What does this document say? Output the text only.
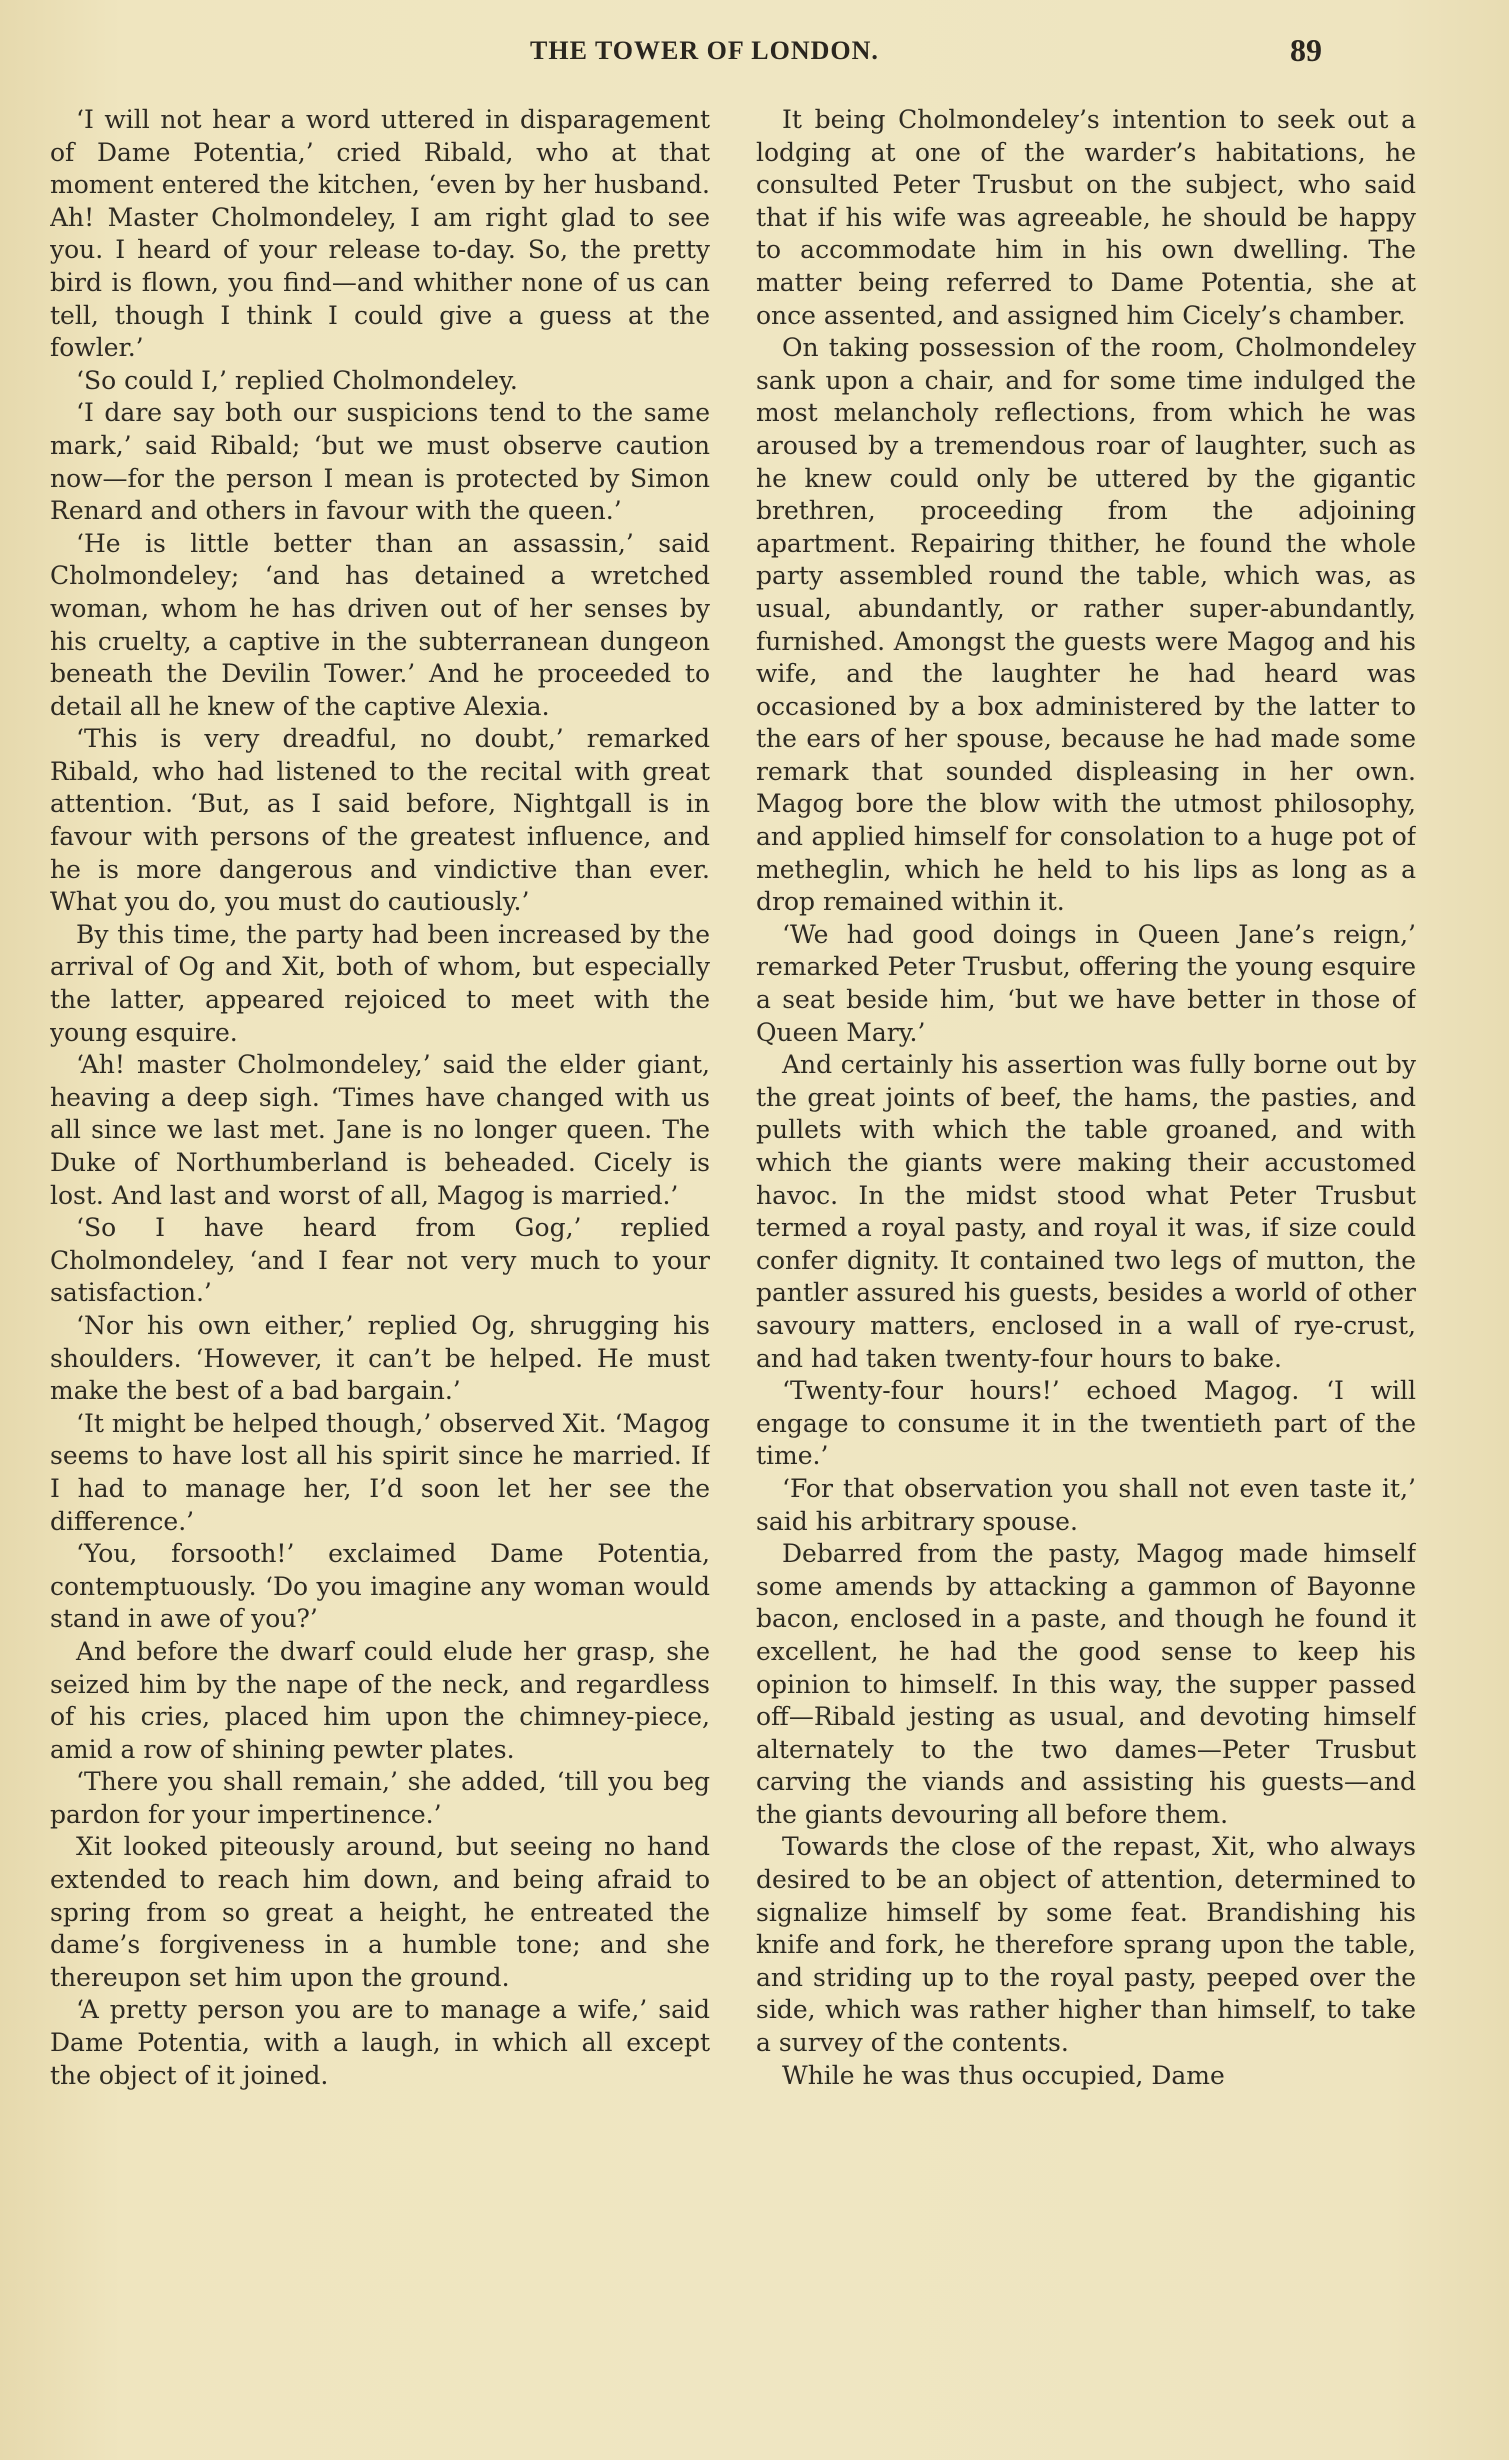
THE TOWER OF LONDON.	89

‘I will not hear a word uttered in disparagement of Dame Potentia,’ cried Ribald, who at that moment entered the kitchen, ‘even by her husband. Ah! Master Cholmondeley, I am right glad to see you. I heard of your release to-day. So, the pretty bird is flown, you find—and whither none of us can tell, though I think I could give a guess at the fowler.’

‘So could I,’ replied Cholmondeley.

‘I dare say both our suspicions tend to the same mark,’ said Ribald; ‘but we must observe caution now—for the person I mean is protected by Simon Renard and others in favour with the queen.’

‘He is little better than an assassin,’ said Cholmondeley; ‘and has detained a wretched woman, whom he has driven out of her senses by his cruelty, a captive in the subterranean dungeon beneath the Devilin Tower.’ And he proceeded to detail all he knew of the captive Alexia.

‘This is very dreadful, no doubt,’ remarked Ribald, who had listened to the recital with great attention. ‘But, as I said before, Nightgall is in favour with persons of the greatest influence, and he is more dangerous and vindictive than ever. What you do, you must do cautiously.’

By this time, the party had been increased by the arrival of Og and Xit, both of whom, but especially the latter, appeared rejoiced to meet with the young esquire.

‘Ah! master Cholmondeley,’ said the elder giant, heaving a deep sigh. ‘Times have changed with us all since we last met. Jane is no longer queen. The Duke of Northumberland is beheaded. Cicely is lost. And last and worst of all, Magog is married.’

‘So I have heard from Gog,’ replied Cholmondeley, ‘and I fear not very much to your satisfaction.’

‘Nor his own either,’ replied Og, shrugging his shoulders. ‘However, it can’t be helped. He must make the best of a bad bargain.’

‘It might be helped though,’ observed Xit. ‘Magog seems to have lost all his spirit since he married. If I had to manage her, I’d soon let her see the difference.’

‘You, forsooth!’ exclaimed Dame Potentia, contemptuously. ‘Do you imagine any woman would stand in awe of you?’

And before the dwarf could elude her grasp, she seized him by the nape of the neck, and regardless of his cries, placed him upon the chimney-piece, amid a row of shining pewter plates.

‘There you shall remain,’ she added, ‘till you beg pardon for your impertinence.’

Xit looked piteously around, but seeing no hand extended to reach him down, and being afraid to spring from so great a height, he entreated the dame’s forgiveness in a humble tone; and she thereupon set him upon the ground.

‘A pretty person you are to manage a wife,’ said Dame Potentia, with a laugh, in which all except the object of it joined.

It being Cholmondeley’s intention to seek out a lodging at one of the warder’s habitations, he consulted Peter Trusbut on the subject, who said that if his wife was agreeable, he should be happy to accommodate him in his own dwelling. The matter being referred to Dame Potentia, she at once assented, and assigned him Cicely’s chamber.

On taking possession of the room, Cholmondeley sank upon a chair, and for some time indulged the most melancholy reflections, from which he was aroused by a tremendous roar of laughter, such as he knew could only be uttered by the gigantic brethren, proceeding from the adjoining apartment. Repairing thither, he found the whole party assembled round the table, which was, as usual, abundantly, or rather super-abundantly, furnished. Amongst the guests were Magog and his wife, and the laughter he had heard was occasioned by a box administered by the latter to the ears of her spouse, because he had made some remark that sounded displeasing in her own. Magog bore the blow with the utmost philosophy, and applied himself for consolation to a huge pot of metheglin, which he held to his lips as long as a drop remained within it.

‘We had good doings in Queen Jane’s reign,’ remarked Peter Trusbut, offering the young esquire a seat beside him, ‘but we have better in those of Queen Mary.’

And certainly his assertion was fully borne out by the great joints of beef, the hams, the pasties, and pullets with which the table groaned, and with which the giants were making their accustomed havoc. In the midst stood what Peter Trusbut termed a royal pasty, and royal it was, if size could confer dignity. It contained two legs of mutton, the pantler assured his guests, besides a world of other savoury matters, enclosed in a wall of rye-crust, and had taken twenty-four hours to bake.

‘Twenty-four hours!’ echoed Magog. ‘I will engage to consume it in the twentieth part of the time.’

‘For that observation you shall not even taste it,’ said his arbitrary spouse.

Debarred from the pasty, Magog made himself some amends by attacking a gammon of Bayonne bacon, enclosed in a paste, and though he found it excellent, he had the good sense to keep his opinion to himself. In this way, the supper passed off—Ribald jesting as usual, and devoting himself alternately to the two dames—Peter Trusbut carving the viands and assisting his guests—and the giants devouring all before them.

Towards the close of the repast, Xit, who always desired to be an object of attention, determined to signalize himself by some feat. Brandishing his knife and fork, he therefore sprang upon the table, and striding up to the royal pasty, peeped over the side, which was rather higher than himself, to take a survey of the contents.

While he was thus occupied, Dame
